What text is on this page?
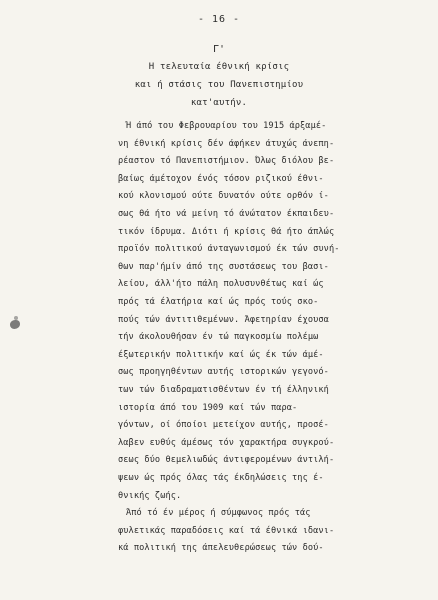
- 16 -
Γ'
Η τελευταία έθνική κρίσις
και ή στάσις του Πανεπιστημίου
κατ'αυτήν.
Ή άπό του Φεβρουαρίου του 1915 άρξαμέ-
νη έθνική κρίσις δέν άφήκεν άτυχώς άνεπη-
ρέαστον τό Πανεπιστήμιον. Όλως διόλου βε-
βαίως άμέτοχον ένός τόσον ριζικού έθνι-
κού κλονισμού ούτε δυνατόν ούτε ορθόν ί-
σως θά ήτο νά μείνη τό άνώτατον έκπαιδευ-
τικόν ίδρυμα. Διότι ή κρίσις θά ήτο άπλώς
προϊόν πολιτικού άνταγωνισμού έκ τών συνή-
θων παρ'ήμίν άπό της συστάσεως του βασι-
λείου, άλλ'ήτο πάλη πολυσυνθέτως καί ώς
πρός τά έλατήρια καί ώς πρός τούς σκο-
πούς τών άντιτιθεμένων. Άφετηρίαν έχουσα
τήν άκολουθήσαν έν τώ παγκοσμίω πολέμω
έξωτερικήν πολιτικήν καί ώς έκ τών άμέ-
σως προηγηθέντων αυτής ιστορικών γεγονό-
των τών διαδραματισθέντων έν τή έλληνική
ιστορία άπό του 1909 καί τών παρα-
γόντων, οί όποίοι μετείχον αυτής, προσέ-
λαβεν ευθύς άμέσως τόν χαρακτήρα συγκρού-
σεως δύο θεμελιωδώς άντιφερομένων άντιλή-
ψεων ώς πρός όλας τάς έκδηλώσεις της έ-
θνικής ζωής.
Άπό τό έν μέρος ή σύμφωνος πρός τάς
φυλετικάς παραδόσεις καί τά έθνικά ιδανι-
κά πολιτική της άπελευθερώσεως τών δού-
